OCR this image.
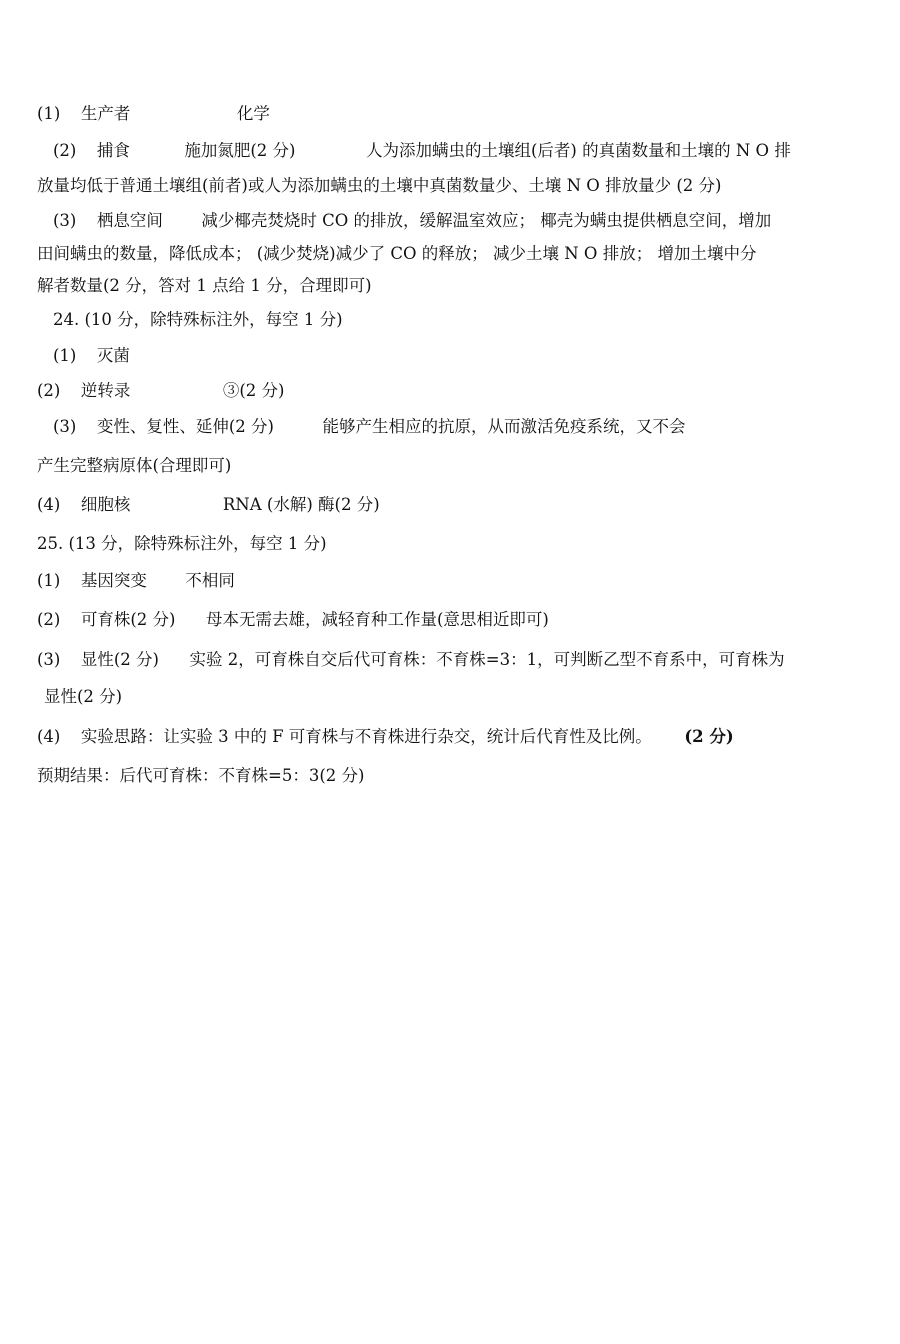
(1) 生产者	化学
(2) 捕食	施加氮肥(2 分)	人为添加螨虫的土壤组(后者) 的真菌数量和土壤的 N O 排
放量均低于普通土壤组(前者)或人为添加螨虫的土壤中真菌数量少、土壤 N O 排放量少 (2 分)
(3) 栖息空间 减少椰壳焚烧时 CO 的排放，缓解温室效应； 椰壳为螨虫提供栖息空间，增加
田间螨虫的数量，降低成本； (减少焚烧)减少了 CO 的释放； 减少土壤 N O 排放； 增加土壤中分
解者数量(2 分，答对 1 点给 1 分，合理即可)
24. (10 分，除特殊标注外，每空 1 分)
(1) 灭菌
(2) 逆转录	③(2 分)
(3) 变性、复性、延伸(2 分)	能够产生相应的抗原，从而激活免疫系统，又不会
产生完整病原体(合理即可)
(4) 细胞核	RNA (水解) 酶(2 分)
25. (13 分，除特殊标注外，每空 1 分)
(1) 基因突变 不相同
(2) 可育株(2 分) 母本无需去雄，减轻育种工作量(意思相近即可)
(3) 显性(2 分) 实验 2，可育株自交后代可育株：不育株=3：1，可判断乙型不育系中，可育株为
显性(2 分)
(4) 实验思路：让实验 3 中的 F 可育株与不育株进行杂交，统计后代育性及比例。 (2 分)
预期结果：后代可育株：不育株=5：3(2 分)
